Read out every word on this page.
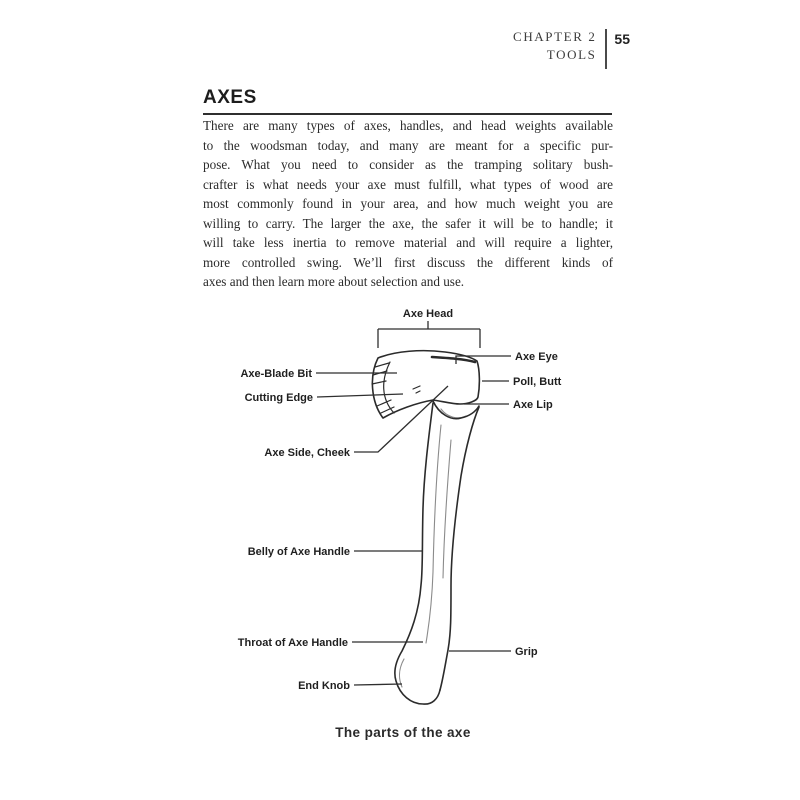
CHAPTER 2
TOOLS
55
AXES
There are many types of axes, handles, and head weights available
to the woodsman today, and many are meant for a specific pur-
pose. What you need to consider as the tramping solitary bush-
crafter is what needs your axe must fulfill, what types of wood are
most commonly found in your area, and how much weight you are
willing to carry. The larger the axe, the safer it will be to handle; it
will take less inertia to remove material and will require a lighter,
more controlled swing. We’ll first discuss the different kinds of
axes and then learn more about selection and use.
Axe Head
Axe Eye
Axe-Blade Bit
Poll, Butt
Cutting Edge
Axe Lip
Axe Side, Cheek
Belly of Axe Handle
Throat of Axe Handle
Grip
End Knob
The parts of the axe
